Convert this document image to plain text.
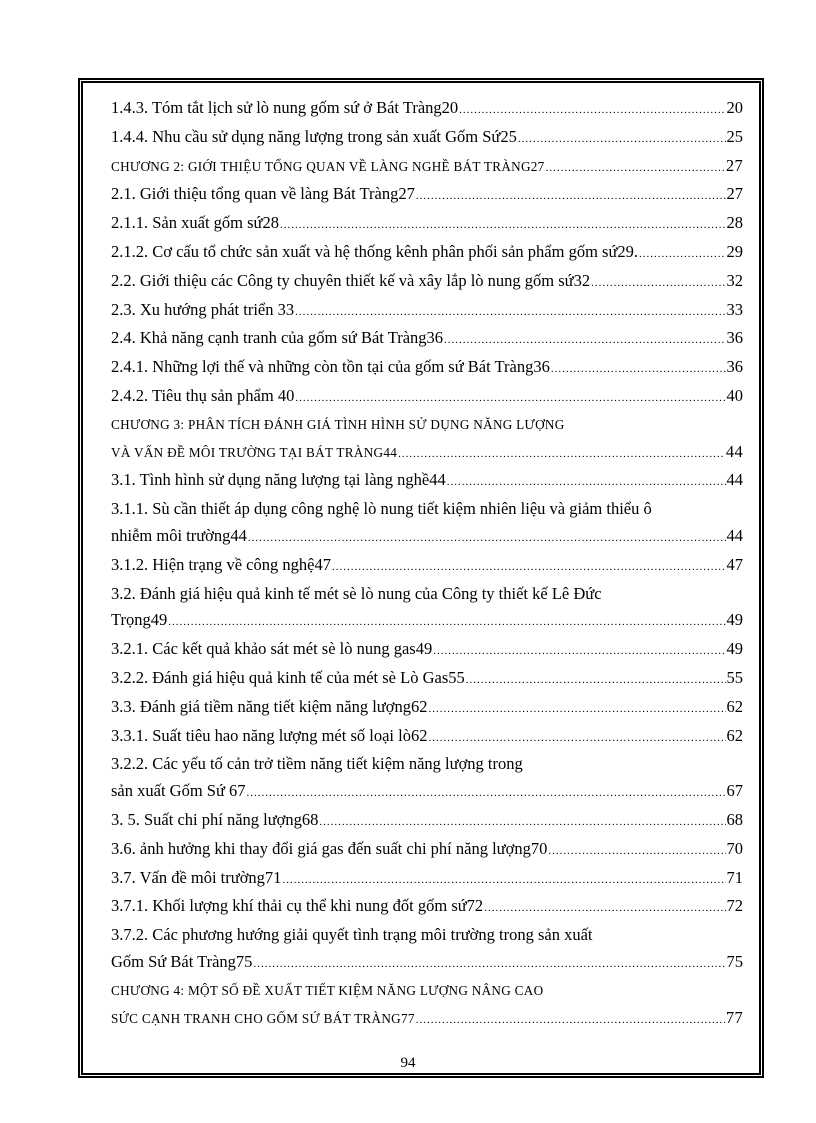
1.4.3. Tóm tắt lịch sử lò nung gốm sứ ở Bát Tràng20 .....	20
1.4.4. Nhu cầu sử dụng năng lượng trong sản xuất Gốm Sứ25 .....	25
CHƯƠNG 2: GIỚI THIỆU TỔNG QUAN VỀ LÀNG NGHỀ BÁT TRÀNG27 .....	27
2.1. Giới thiệu tổng quan về làng Bát Tràng27 .....	27
2.1.1. Sản xuất gốm sứ28 .....	28
2.1.2. Cơ cấu tổ chức sản xuất và hệ thống kênh phân phối sản phẩm gốm sứ29. .....	29
2.2. Giới thiệu các Công ty chuyên thiết kế và xây lắp lò nung gốm sứ32 .....	32
2.3. Xu hướng phát triển 33 .....	33
2.4. Khả năng cạnh tranh của gốm sứ Bát Tràng36 .....	36
2.4.1. Những lợi thế và những còn tồn tại của gốm sứ Bát Tràng36 .....	36
2.4.2. Tiêu thụ sản phẩm 40 .....	40
CHƯƠNG 3: PHÂN TÍCH ĐÁNH GIÁ TÌNH HÌNH SỬ DỤNG NĂNG LƯỢNG
VÀ VẤN ĐỀ MÔI TRƯỜNG TẠI BÁT TRÀNG44 .....	44
3.1. Tình hình sử dụng năng lượng tại làng nghề44 .....	44
3.1.1. Sù cần thiết áp dụng công nghệ lò nung tiết kiệm nhiên liệu và giảm thiểu ô
nhiễm môi trường44 .....	44
3.1.2. Hiện trạng về công nghệ47 .....	47
3.2. Đánh giá hiệu quả kinh tế mét sè lò nung của Công ty thiết kế Lê Đức
Trọng49 .....	49
3.2.1. Các kết quả khảo sát mét sè lò nung gas49 .....	49
3.2.2. Đánh giá hiệu quả kinh tế của mét sè Lò Gas55 .....	55
3.3. Đánh giá tiềm năng tiết kiệm năng lượng62 .....	62
3.3.1. Suất tiêu hao năng lượng mét số loại lò62 .....	62
3.2.2. Các yếu tố cản trở tiềm năng tiết kiệm năng lượng trong
sản xuất Gốm Sứ 67 .....	67
3. 5. Suất chi phí năng lượng68 .....	68
3.6. ảnh hưởng khi thay đổi giá gas đến suất chi phí năng lượng70 .....	70
3.7. Vấn đề môi trường71 .....	71
3.7.1. Khối lượng khí thải cụ thể khi nung đốt gốm sứ72 .....	72
3.7.2. Các phương hướng giải quyết tình trạng môi trường trong sản xuất
Gốm Sứ Bát Tràng75 .....	75
CHƯƠNG 4: MỘT SỐ ĐỀ XUẤT TIẾT KIỆM NĂNG LƯỢNG NÂNG CAO
SỨC CẠNH TRANH CHO GỐM SỨ BÁT TRÀNG77 .....	77
94
